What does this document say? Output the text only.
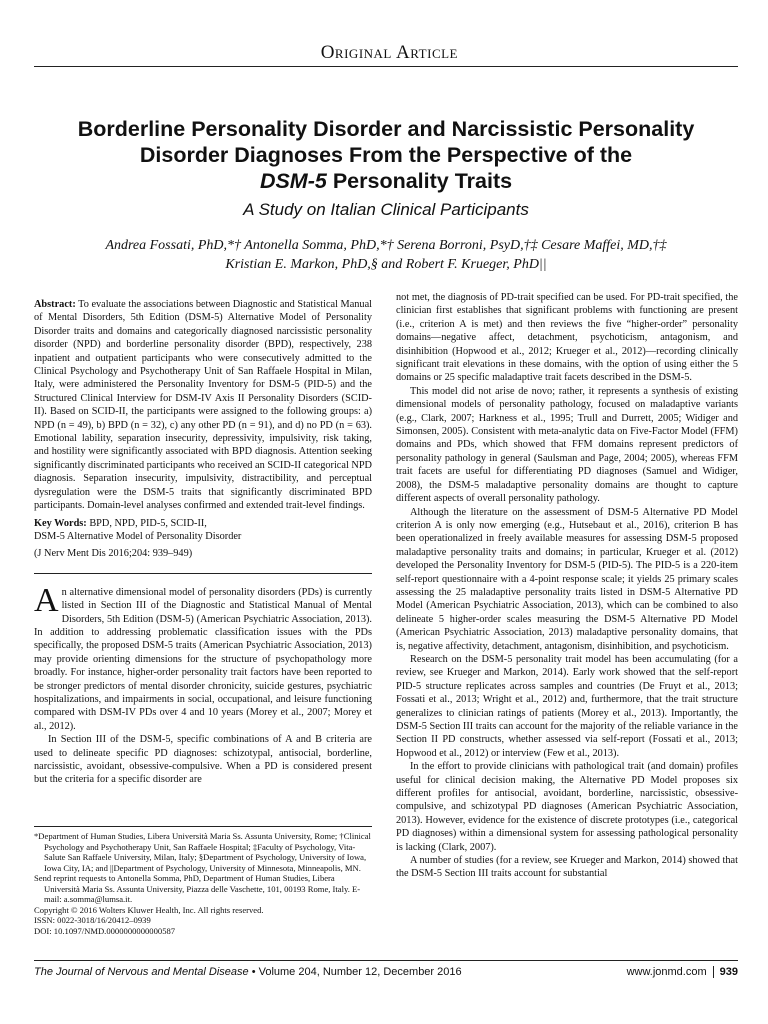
Original Article
Borderline Personality Disorder and Narcissistic Personality
Disorder Diagnoses From the Perspective of the
DSM-5 Personality Traits
A Study on Italian Clinical Participants
Andrea Fossati, PhD,*† Antonella Somma, PhD,*† Serena Borroni, PsyD,†‡ Cesare Maffei, MD,†‡
Kristian E. Markon, PhD,§ and Robert F. Krueger, PhD||

Abstract: To evaluate the associations between Diagnostic and Statistical Manual of Mental Disorders, 5th Edition (DSM-5) Alternative Model of Personality Disorder traits and domains and categorically diagnosed narcissistic personality disorder (NPD) and borderline personality disorder (BPD), respectively, 238 inpatient and outpatient participants who were consecutively admitted to the Clinical Psychology and Psychotherapy Unit of San Raffaele Hospital in Milan, Italy, were administered the Personality Inventory for DSM-5 (PID-5) and the Structured Clinical Interview for DSM-IV Axis II Personality Disorders (SCID-II). Based on SCID-II, the participants were assigned to the following groups: a) NPD (n = 49), b) BPD (n = 32), c) any other PD (n = 91), and d) no PD (n = 63). Emotional lability, separation insecurity, depressivity, impulsivity, risk taking, and hostility were significantly associated with BPD diagnosis. Attention seeking significantly discriminated participants who received an SCID-II categorical NPD diagnosis. Separation insecurity, impulsivity, distractibility, and perceptual dysregulation were the DSM-5 traits that significantly discriminated BPD participants. Domain-level analyses confirmed and extended trait-level findings.

Key Words: BPD, NPD, PID-5, SCID-II,
DSM-5 Alternative Model of Personality Disorder

(J Nerv Ment Dis 2016;204: 939–949)

An alternative dimensional model of personality disorders (PDs) is currently listed in Section III of the Diagnostic and Statistical Manual of Mental Disorders, 5th Edition (DSM-5) (American Psychiatric Association, 2013). In addition to addressing problematic classification issues with the PDs specifically, the proposed DSM-5 traits (American Psychiatric Association, 2013) may provide orienting dimensions for the structure of psychopathology more broadly. For instance, higher-order personality trait factors have been reported to be stronger predictors of mental disorder chronicity, suicide gestures, psychiatric hospitalizations, and impairments in social, occupational, and leisure functioning compared with DSM-IV PDs over 4 and 10 years (Morey et al., 2007; Morey et al., 2012).

In Section III of the DSM-5, specific combinations of A and B criteria are used to delineate specific PD diagnoses: schizotypal, antisocial, borderline, narcissistic, avoidant, obsessive-compulsive. When a PD is considered present but the criteria for a specific disorder are

*Department of Human Studies, Libera Università Maria Ss. Assunta University, Rome; †Clinical Psychology and Psychotherapy Unit, San Raffaele Hospital; ‡Faculty of Psychology, Vita-Salute San Raffaele University, Milan, Italy; §Department of Psychology, University of Iowa, Iowa City, IA; and ||Department of Psychology, University of Minnesota, Minneapolis, MN.

Send reprint requests to Antonella Somma, PhD, Department of Human Studies, Libera Università Maria Ss. Assunta University, Piazza delle Vaschette, 101, 00193 Rome, Italy. E-mail: a.somma@lumsa.it.

Copyright © 2016 Wolters Kluwer Health, Inc. All rights reserved.

ISSN: 0022-3018/16/20412–0939

DOI: 10.1097/NMD.0000000000000587

not met, the diagnosis of PD-trait specified can be used. For PD-trait specified, the clinician first establishes that significant problems with functioning are present (i.e., criterion A is met) and then reviews the five “higher-order” personality domains—negative affect, detachment, psychoticism, antagonism, and disinhibition (Hopwood et al., 2012; Krueger et al., 2012)—recording clinically significant trait elevations in these domains, with the option of using either the 5 domains or 25 specific maladaptive trait facets described in the DSM-5.

This model did not arise de novo; rather, it represents a synthesis of existing dimensional models of personality pathology, focused on maladaptive variants (e.g., Clark, 2007; Harkness et al., 1995; Trull and Durrett, 2005; Widiger and Simonsen, 2005). Consistent with meta-analytic data on Five-Factor Model (FFM) domains and PDs, which showed that FFM domains represent predictors of personality pathology in general (Saulsman and Page, 2004; 2005), whereas FFM trait facets are useful for differentiating PD diagnoses (Samuel and Widiger, 2008), the DSM-5 maladaptive personality domains are thought to capture different aspects of overall personality pathology.

Although the literature on the assessment of DSM-5 Alternative PD Model criterion A is only now emerging (e.g., Hutsebaut et al., 2016), criterion B has been operationalized in freely available measures for assessing DSM-5 proposed maladaptive personality traits and domains; in particular, Krueger et al. (2012) developed the Personality Inventory for DSM-5 (PID-5). The PID-5 is a 220-item self-report questionnaire with a 4-point response scale; it yields 25 primary scales assessing the 25 maladaptive personality traits listed in DSM-5 Alternative PD Model (American Psychiatric Association, 2013), which can be combined to also delineate 5 higher-order scales measuring the DSM-5 Alternative PD Model (American Psychiatric Association, 2013) maladaptive personality domains, that is, negative affectivity, detachment, antagonism, disinhibition, and psychoticism.

Research on the DSM-5 personality trait model has been accumulating (for a review, see Krueger and Markon, 2014). Early work showed that the self-report PID-5 structure replicates across samples and countries (De Fruyt et al., 2013; Fossati et al., 2013; Wright et al., 2012) and, furthermore, that the trait structure generalizes to clinician ratings of patients (Morey et al., 2013). Importantly, the DSM-5 Section III traits can account for the majority of the reliable variance in the Section II PD constructs, whether assessed via self-report (Fossati et al., 2013; Hopwood et al., 2012) or interview (Few et al., 2013).

In the effort to provide clinicians with pathological trait (and domain) profiles useful for clinical decision making, the Alternative PD Model proposes six different profiles for antisocial, avoidant, borderline, narcissistic, obsessive-compulsive, and schizotypal PD diagnoses (American Psychiatric Association, 2013). However, evidence for the existence of discrete prototypes (i.e., categorical PD diagnoses) within a dimensional system for assessing pathological personality is lacking (Clark, 2007).

A number of studies (for a review, see Krueger and Markon, 2014) showed that the DSM-5 Section III traits account for substantial

The Journal of Nervous and Mental Disease • Volume 204, Number 12, December 2016	www.jonmd.com 939
